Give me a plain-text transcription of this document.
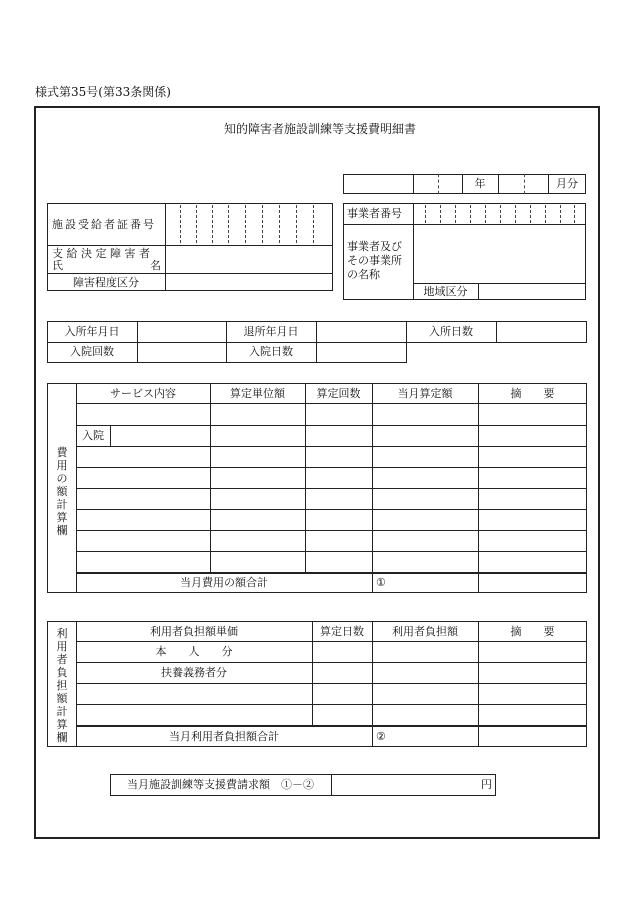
様式第35号(第33条関係)
知的障害者施設訓練等支援費明細書
年	月分
施設受給者証番号
支 給 決 定 障 害 者
氏	名
障害程度区分
事業者番号
事業者及び
その事業所
の名称
地域区分
入所年月日	退所年月日	入所日数
入院回数	入院日数
費用の額計算欄
サービス内容	算定単位額	算定回数	当月算定額	摘　　要
入院
当月費用の額合計	①
利用者負担額計算欄
利用者負担額単価	算定日数	利用者負担額	摘　　要
本　　人　　分
扶養義務者分
当月利用者負担額合計	②
当月施設訓練等支援費請求額　①－②	円
